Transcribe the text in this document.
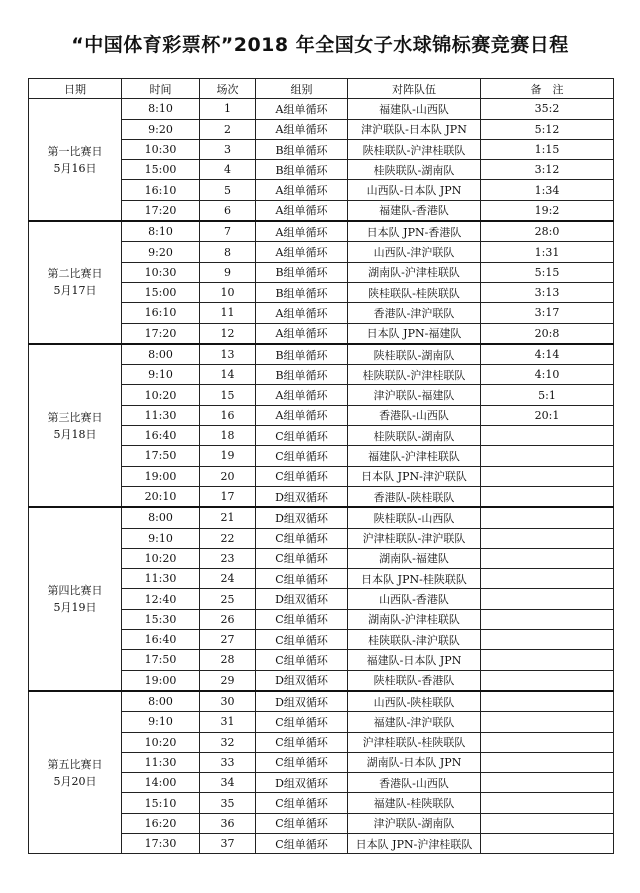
“中国体育彩票杯”2018 年全国女子水球锦标赛竞赛日程
日期	时间	场次	组别	对阵队伍	备　注

第一比赛日
5月16日	8:10	1	A组单循环	福建队-山西队	35:2
	9:20	2	A组单循环	津沪联队-日本队 JPN	5:12
	10:30	3	B组单循环	陕桂联队-沪津桂联队	1:15
	15:00	4	B组单循环	桂陕联队-湖南队	3:12
	16:10	5	A组单循环	山西队-日本队 JPN	1:34
	17:20	6	A组单循环	福建队-香港队	19:2

第二比赛日
5月17日	8:10	7	A组单循环	日本队 JPN-香港队	28:0
	9:20	8	A组单循环	山西队-津沪联队	1:31
	10:30	9	B组单循环	湖南队-沪津桂联队	5:15
	15:00	10	B组单循环	陕桂联队-桂陕联队	3:13
	16:10	11	A组单循环	香港队-津沪联队	3:17
	17:20	12	A组单循环	日本队 JPN-福建队	20:8

第三比赛日
5月18日	8:00	13	B组单循环	陕桂联队-湖南队	4:14
	9:10	14	B组单循环	桂陕联队-沪津桂联队	4:10
	10:20	15	A组单循环	津沪联队-福建队	5:1
	11:30	16	A组单循环	香港队-山西队	20:1
	16:40	18	C组单循环	桂陕联队-湖南队	
	17:50	19	C组单循环	福建队-沪津桂联队	
	19:00	20	C组单循环	日本队 JPN-津沪联队	
	20:10	17	D组双循环	香港队-陕桂联队	

第四比赛日
5月19日	8:00	21	D组双循环	陕桂联队-山西队	
	9:10	22	C组单循环	沪津桂联队-津沪联队	
	10:20	23	C组单循环	湖南队-福建队	
	11:30	24	C组单循环	日本队 JPN-桂陕联队	
	12:40	25	D组双循环	山西队-香港队	
	15:30	26	C组单循环	湖南队-沪津桂联队	
	16:40	27	C组单循环	桂陕联队-津沪联队	
	17:50	28	C组单循环	福建队-日本队 JPN	
	19:00	29	D组双循环	陕桂联队-香港队	

第五比赛日
5月20日	8:00	30	D组双循环	山西队-陕桂联队	
	9:10	31	C组单循环	福建队-津沪联队	
	10:20	32	C组单循环	沪津桂联队-桂陕联队	
	11:30	33	C组单循环	湖南队-日本队 JPN	
	14:00	34	D组双循环	香港队-山西队	
	15:10	35	C组单循环	福建队-桂陕联队	
	16:20	36	C组单循环	津沪联队-湖南队	
	17:30	37	C组单循环	日本队 JPN-沪津桂联队	
